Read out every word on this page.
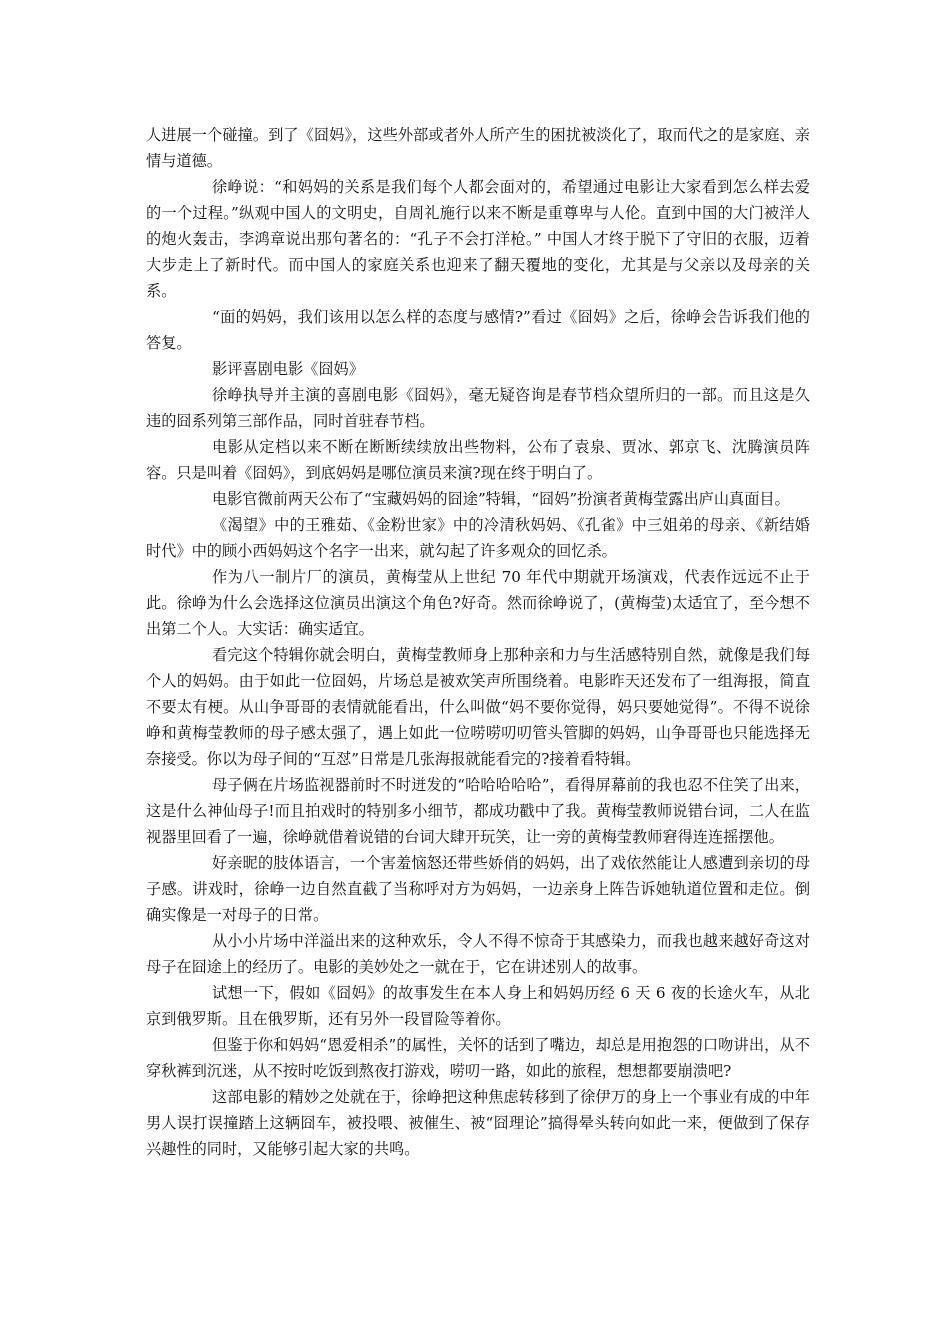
人进展一个碰撞。到了《囧妈》，这些外部或者外人所产生的困扰被淡化了，取而代之的是家庭、亲情与道德。

徐峥说：“和妈妈的关系是我们每个人都会面对的，希望通过电影让大家看到怎么样去爱的一个过程。”纵观中国人的文明史，自周礼施行以来不断是重尊卑与人伦。直到中国的大门被洋人的炮火轰击，李鸿章说出那句著名的：“孔子不会打洋枪。” 中国人才终于脱下了守旧的衣服，迈着大步走上了新时代。而中国人的家庭关系也迎来了翻天覆地的变化，尤其是与父亲以及母亲的关系。

“面的妈妈，我们该用以怎么样的态度与感情?”看过《囧妈》之后，徐峥会告诉我们他的答复。

影评喜剧电影《囧妈》

徐峥执导并主演的喜剧电影《囧妈》，毫无疑咨询是春节档众望所归的一部。而且这是久违的囧系列第三部作品，同时首驻春节档。

电影从定档以来不断在断断续续放出些物料，公布了袁泉、贾冰、郭京飞、沈腾演员阵容。只是叫着《囧妈》，到底妈妈是哪位演员来演?现在终于明白了。

电影官微前两天公布了“宝藏妈妈的囧途”特辑，“囧妈”扮演者黄梅莹露出庐山真面目。

《渴望》中的王雅茹、《金粉世家》中的冷清秋妈妈、《孔雀》中三姐弟的母亲、《新结婚时代》中的顾小西妈妈这个名字一出来，就勾起了许多观众的回忆杀。

作为八一制片厂的演员，黄梅莹从上世纪 70 年代中期就开场演戏，代表作远远不止于此。徐峥为什么会选择这位演员出演这个角色?好奇。然而徐峥说了，(黄梅莹)太适宜了，至今想不出第二个人。大实话：确实适宜。

看完这个特辑你就会明白，黄梅莹教师身上那种亲和力与生活感特别自然，就像是我们每个人的妈妈。由于如此一位囧妈，片场总是被欢笑声所围绕着。电影昨天还发布了一组海报，简直不要太有梗。从山争哥哥的表情就能看出，什么叫做“妈不要你觉得，妈只要她觉得”。不得不说徐峥和黄梅莹教师的母子感太强了，遇上如此一位唠唠叨叨管头管脚的妈妈，山争哥哥也只能选择无奈接受。你以为母子间的“互怼”日常是几张海报就能看完的?接着看特辑。

母子俩在片场监视器前时不时迸发的“哈哈哈哈哈”，看得屏幕前的我也忍不住笑了出来，这是什么神仙母子!而且拍戏时的特别多小细节，都成功戳中了我。黄梅莹教师说错台词，二人在监视器里回看了一遍，徐峥就借着说错的台词大肆开玩笑，让一旁的黄梅莹教师窘得连连摇摆他。

好亲昵的肢体语言，一个害羞恼怒还带些娇俏的妈妈，出了戏依然能让人感遭到亲切的母子感。讲戏时，徐峥一边自然直截了当称呼对方为妈妈，一边亲身上阵告诉她轨道位置和走位。倒确实像是一对母子的日常。

从小小片场中洋溢出来的这种欢乐，令人不得不惊奇于其感染力，而我也越来越好奇这对母子在囧途上的经历了。电影的美妙处之一就在于，它在讲述别人的故事。

试想一下，假如《囧妈》的故事发生在本人身上和妈妈历经 6 天 6 夜的长途火车，从北京到俄罗斯。且在俄罗斯，还有另外一段冒险等着你。

但鉴于你和妈妈“恩爱相杀”的属性，关怀的话到了嘴边，却总是用抱怨的口吻讲出，从不穿秋裤到沉迷，从不按时吃饭到熬夜打游戏，唠叨一路，如此的旅程，想想都要崩溃吧?

这部电影的精妙之处就在于，徐峥把这种焦虑转移到了徐伊万的身上一个事业有成的中年男人误打误撞踏上这辆囧车，被投喂、被催生、被“囧理论”搞得晕头转向如此一来，便做到了保存兴趣性的同时，又能够引起大家的共鸣。
